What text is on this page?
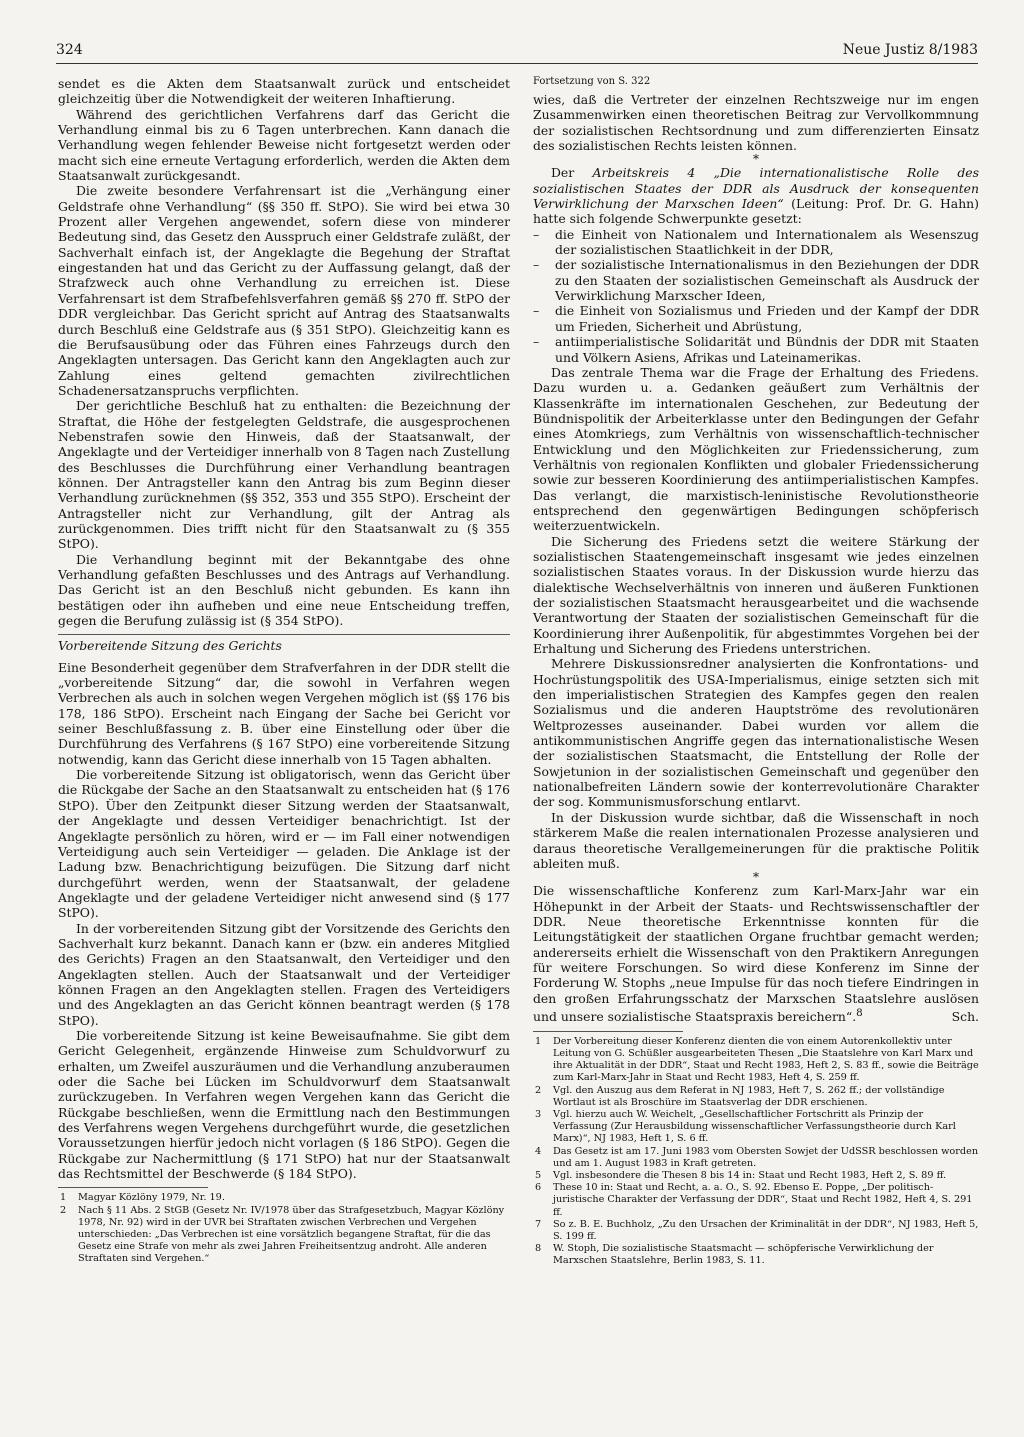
324	Neue Justiz 8/1983

sendet es die Akten dem Staatsanwalt zurück und entscheidet gleichzeitig über die Notwendigkeit der weiteren Inhaftierung.

Während des gerichtlichen Verfahrens darf das Gericht die Verhandlung einmal bis zu 6 Tagen unterbrechen. Kann danach die Verhandlung wegen fehlender Beweise nicht fortgesetzt werden oder macht sich eine erneute Vertagung erforderlich, werden die Akten dem Staatsanwalt zurückgesandt.

Die zweite besondere Verfahrensart ist die „Verhängung einer Geldstrafe ohne Verhandlung“ (§§ 350 ff. StPO). Sie wird bei etwa 30 Prozent aller Vergehen angewendet, sofern diese von minderer Bedeutung sind, das Gesetz den Ausspruch einer Geldstrafe zuläßt, der Sachverhalt einfach ist, der Angeklagte die Begehung der Straftat eingestanden hat und das Gericht zu der Auffassung gelangt, daß der Strafzweck auch ohne Verhandlung zu erreichen ist. Diese Verfahrensart ist dem Strafbefehlsverfahren gemäß §§ 270 ff. StPO der DDR vergleichbar. Das Gericht spricht auf Antrag des Staatsanwalts durch Beschluß eine Geldstrafe aus (§ 351 StPO). Gleichzeitig kann es die Berufsausübung oder das Führen eines Fahrzeugs durch den Angeklagten untersagen. Das Gericht kann den Angeklagten auch zur Zahlung eines geltend gemachten zivilrechtlichen Schadenersatzanspruchs verpflichten.

Der gerichtliche Beschluß hat zu enthalten: die Bezeichnung der Straftat, die Höhe der festgelegten Geldstrafe, die ausgesprochenen Nebenstrafen sowie den Hinweis, daß der Staatsanwalt, der Angeklagte und der Verteidiger innerhalb von 8 Tagen nach Zustellung des Beschlusses die Durchführung einer Verhandlung beantragen können. Der Antragsteller kann den Antrag bis zum Beginn dieser Verhandlung zurücknehmen (§§ 352, 353 und 355 StPO). Erscheint der Antragsteller nicht zur Verhandlung, gilt der Antrag als zurückgenommen. Dies trifft nicht für den Staatsanwalt zu (§ 355 StPO).

Die Verhandlung beginnt mit der Bekanntgabe des ohne Verhandlung gefaßten Beschlusses und des Antrags auf Verhandlung. Das Gericht ist an den Beschluß nicht gebunden. Es kann ihn bestätigen oder ihn aufheben und eine neue Entscheidung treffen, gegen die Berufung zulässig ist (§ 354 StPO).

Vorbereitende Sitzung des Gerichts

Eine Besonderheit gegenüber dem Strafverfahren in der DDR stellt die „vorbereitende Sitzung“ dar, die sowohl in Verfahren wegen Verbrechen als auch in solchen wegen Vergehen möglich ist (§§ 176 bis 178, 186 StPO). Erscheint nach Eingang der Sache bei Gericht vor seiner Beschlußfassung z. B. über eine Einstellung oder über die Durchführung des Verfahrens (§ 167 StPO) eine vorbereitende Sitzung notwendig, kann das Gericht diese innerhalb von 15 Tagen abhalten.

Die vorbereitende Sitzung ist obligatorisch, wenn das Gericht über die Rückgabe der Sache an den Staatsanwalt zu entscheiden hat (§ 176 StPO). Über den Zeitpunkt dieser Sitzung werden der Staatsanwalt, der Angeklagte und dessen Verteidiger benachrichtigt. Ist der Angeklagte persönlich zu hören, wird er — im Fall einer notwendigen Verteidigung auch sein Verteidiger — geladen. Die Anklage ist der Ladung bzw. Benachrichtigung beizufügen. Die Sitzung darf nicht durchgeführt werden, wenn der Staatsanwalt, der geladene Angeklagte und der geladene Verteidiger nicht anwesend sind (§ 177 StPO).

In der vorbereitenden Sitzung gibt der Vorsitzende des Gerichts den Sachverhalt kurz bekannt. Danach kann er (bzw. ein anderes Mitglied des Gerichts) Fragen an den Staatsanwalt, den Verteidiger und den Angeklagten stellen. Auch der Staatsanwalt und der Verteidiger können Fragen an den Angeklagten stellen. Fragen des Verteidigers und des Angeklagten an das Gericht können beantragt werden (§ 178 StPO).

Die vorbereitende Sitzung ist keine Beweisaufnahme. Sie gibt dem Gericht Gelegenheit, ergänzende Hinweise zum Schuldvorwurf zu erhalten, um Zweifel auszuräumen und die Verhandlung anzuberaumen oder die Sache bei Lücken im Schuldvorwurf dem Staatsanwalt zurückzugeben. In Verfahren wegen Vergehen kann das Gericht die Rückgabe beschließen, wenn die Ermittlung nach den Bestimmungen des Verfahrens wegen Vergehens durchgeführt wurde, die gesetzlichen Voraussetzungen hierfür jedoch nicht vorlagen (§ 186 StPO). Gegen die Rückgabe zur Nachermittlung (§ 171 StPO) hat nur der Staatsanwalt das Rechtsmittel der Beschwerde (§ 184 StPO).

1 Magyar Közlöny 1979, Nr. 19.
2 Nach § 11 Abs. 2 StGB (Gesetz Nr. IV/1978 über das Strafgesetzbuch, Magyar Közlöny 1978, Nr. 92) wird in der UVR bei Straftaten zwischen Verbrechen und Vergehen unterschieden: „Das Verbrechen ist eine vorsätzlich begangene Straftat, für die das Gesetz eine Strafe von mehr als zwei Jahren Freiheitsentzug androht. Alle anderen Straftaten sind Vergehen.“
Fortsetzung von S. 322

wies, daß die Vertreter der einzelnen Rechtszweige nur im engen Zusammenwirken einen theoretischen Beitrag zur Vervollkommnung der sozialistischen Rechtsordnung und zum differenzierten Einsatz des sozialistischen Rechts leisten können.

*

Der Arbeitskreis 4 „Die internationalistische Rolle des sozialistischen Staates der DDR als Ausdruck der konsequenten Verwirklichung der Marxschen Ideen“ (Leitung: Prof. Dr. G. Hahn) hatte sich folgende Schwerpunkte gesetzt:

– die Einheit von Nationalem und Internationalem als Wesenszug der sozialistischen Staatlichkeit in der DDR,
– der sozialistische Internationalismus in den Beziehungen der DDR zu den Staaten der sozialistischen Gemeinschaft als Ausdruck der Verwirklichung Marxscher Ideen,
– die Einheit von Sozialismus und Frieden und der Kampf der DDR um Frieden, Sicherheit und Abrüstung,
– antiimperialistische Solidarität und Bündnis der DDR mit Staaten und Völkern Asiens, Afrikas und Lateinamerikas.

Das zentrale Thema war die Frage der Erhaltung des Friedens. Dazu wurden u. a. Gedanken geäußert zum Verhältnis der Klassenkräfte im internationalen Geschehen, zur Bedeutung der Bündnispolitik der Arbeiterklasse unter den Bedingungen der Gefahr eines Atomkriegs, zum Verhältnis von wissenschaftlich-technischer Entwicklung und den Möglichkeiten zur Friedenssicherung, zum Verhältnis von regionalen Konflikten und globaler Friedenssicherung sowie zur besseren Koordinierung des antiimperialistischen Kampfes. Das verlangt, die marxistisch-leninistische Revolutionstheorie entsprechend den gegenwärtigen Bedingungen schöpferisch weiterzuentwickeln.

Die Sicherung des Friedens setzt die weitere Stärkung der sozialistischen Staatengemeinschaft insgesamt wie jedes einzelnen sozialistischen Staates voraus. In der Diskussion wurde hierzu das dialektische Wechselverhältnis von inneren und äußeren Funktionen der sozialistischen Staatsmacht herausgearbeitet und die wachsende Verantwortung der Staaten der sozialistischen Gemeinschaft für die Koordinierung ihrer Außenpolitik, für abgestimmtes Vorgehen bei der Erhaltung und Sicherung des Friedens unterstrichen.

Mehrere Diskussionsredner analysierten die Konfrontations- und Hochrüstungspolitik des USA-Imperialismus, einige setzten sich mit den imperialistischen Strategien des Kampfes gegen den realen Sozialismus und die anderen Hauptströme des revolutionären Weltprozesses auseinander. Dabei wurden vor allem die antikommunistischen Angriffe gegen das internationalistische Wesen der sozialistischen Staatsmacht, die Entstellung der Rolle der Sowjetunion in der sozialistischen Gemeinschaft und gegenüber den nationalbefreiten Ländern sowie der konterrevolutionäre Charakter der sog. Kommunismusforschung entlarvt.

In der Diskussion wurde sichtbar, daß die Wissenschaft in noch stärkerem Maße die realen internationalen Prozesse analysieren und daraus theoretische Verallgemeinerungen für die praktische Politik ableiten muß.

*

Die wissenschaftliche Konferenz zum Karl-Marx-Jahr war ein Höhepunkt in der Arbeit der Staats- und Rechtswissenschaftler der DDR. Neue theoretische Erkenntnisse konnten für die Leitungstätigkeit der staatlichen Organe fruchtbar gemacht werden; andererseits erhielt die Wissenschaft von den Praktikern Anregungen für weitere Forschungen. So wird diese Konferenz im Sinne der Forderung W. Stophs „neue Impulse für das noch tiefere Eindringen in den großen Erfahrungsschatz der Marxschen Staatslehre auslösen und unsere sozialistische Staatspraxis bereichern“.$^8$	Sch.
1 Der Vorbereitung dieser Konferenz dienten die von einem Autorenkollektiv unter Leitung von G. Schüßler ausgearbeiteten Thesen „Die Staatslehre von Karl Marx und ihre Aktualität in der DDR“, Staat und Recht 1983, Heft 2, S. 83 ff., sowie die Beiträge zum Karl-Marx-Jahr in Staat und Recht 1983, Heft 4, S. 259 ff.
2 Vgl. den Auszug aus dem Referat in NJ 1983, Heft 7, S. 262 ff.; der vollständige Wortlaut ist als Broschüre im Staatsverlag der DDR erschienen.
3 Vgl. hierzu auch W. Weichelt, „Gesellschaftlicher Fortschritt als Prinzip der Verfassung (Zur Herausbildung wissenschaftlicher Verfassungstheorie durch Karl Marx)“, NJ 1983, Heft 1, S. 6 ff.
4 Das Gesetz ist am 17. Juni 1983 vom Obersten Sowjet der UdSSR beschlossen worden und am 1. August 1983 in Kraft getreten.
5 Vgl. insbesondere die Thesen 8 bis 14 in: Staat und Recht 1983, Heft 2, S. 89 ff.
6 These 10 in: Staat und Recht, a. a. O., S. 92. Ebenso E. Poppe, „Der politisch-juristische Charakter der Verfassung der DDR“, Staat und Recht 1982, Heft 4, S. 291 ff.
7 So z. B. E. Buchholz, „Zu den Ursachen der Kriminalität in der DDR“, NJ 1983, Heft 5, S. 199 ff.
8 W. Stoph, Die sozialistische Staatsmacht — schöpferische Verwirklichung der Marxschen Staatslehre, Berlin 1983, S. 11.
